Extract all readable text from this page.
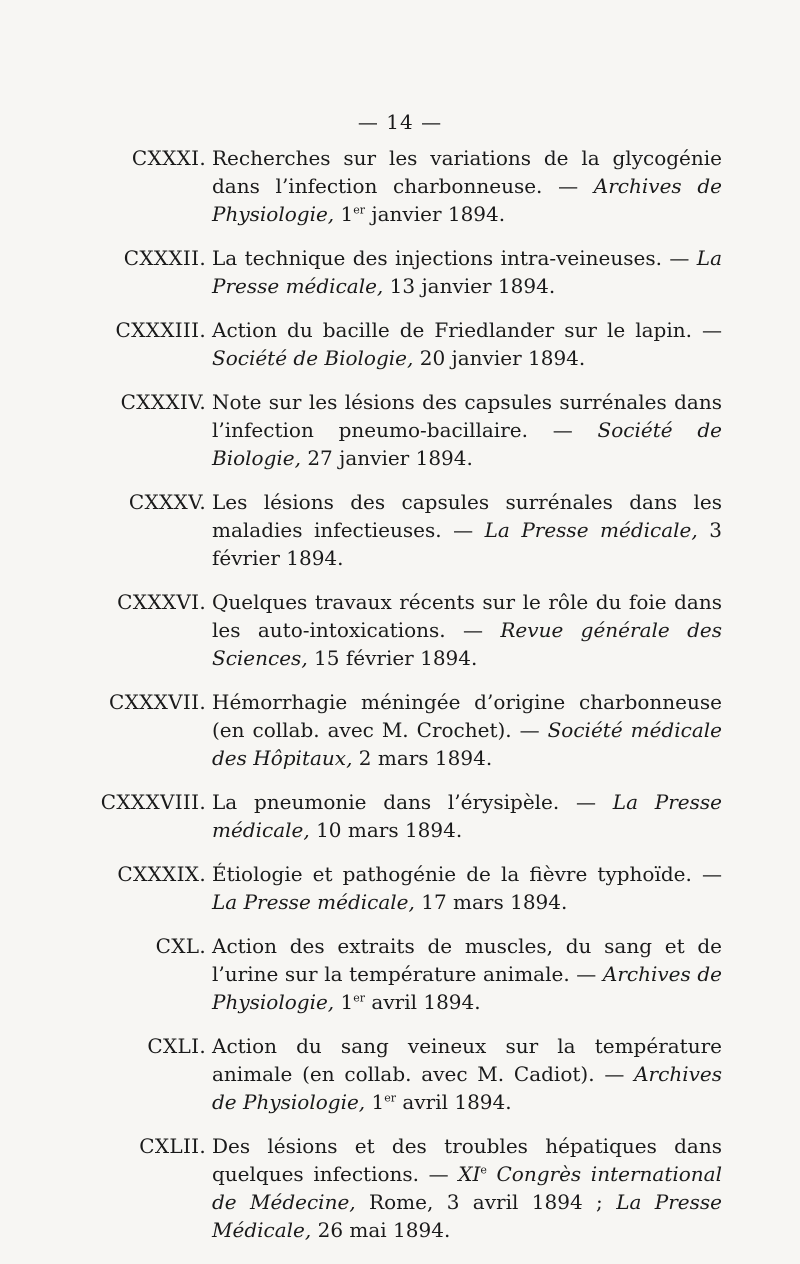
— 14 —
CXXXI. Recherches sur les variations de la glycogénie dans l’infection charbonneuse. — Archives de Physiologie, 1er janvier 1894.
CXXXII. La technique des injections intra-veineuses. — La Presse médicale, 13 janvier 1894.
CXXXIII. Action du bacille de Friedlander sur le lapin. — Société de Biologie, 20 janvier 1894.
CXXXIV. Note sur les lésions des capsules surrénales dans l’infection pneumo-bacillaire. — Société de Biologie, 27 janvier 1894.
CXXXV. Les lésions des capsules surrénales dans les maladies infectieuses. — La Presse médicale, 3 février 1894.
CXXXVI. Quelques travaux récents sur le rôle du foie dans les auto-intoxications. — Revue générale des Sciences, 15 février 1894.
CXXXVII. Hémorrhagie méningée d’origine charbonneuse (en collab. avec M. Crochet). — Société médicale des Hôpitaux, 2 mars 1894.
CXXXVIII. La pneumonie dans l’érysipèle. — La Presse médicale, 10 mars 1894.
CXXXIX. Étiologie et pathogénie de la fièvre typhoïde. — La Presse médicale, 17 mars 1894.
CXL. Action des extraits de muscles, du sang et de l’urine sur la température animale. — Archives de Physiologie, 1er avril 1894.
CXLI. Action du sang veineux sur la température animale (en collab. avec M. Cadiot). — Archives de Physiologie, 1er avril 1894.
CXLII. Des lésions et des troubles hépatiques dans quelques infections. — XIe Congrès international de Médecine, Rome, 3 avril 1894 ; La Presse Médicale, 26 mai 1894.
